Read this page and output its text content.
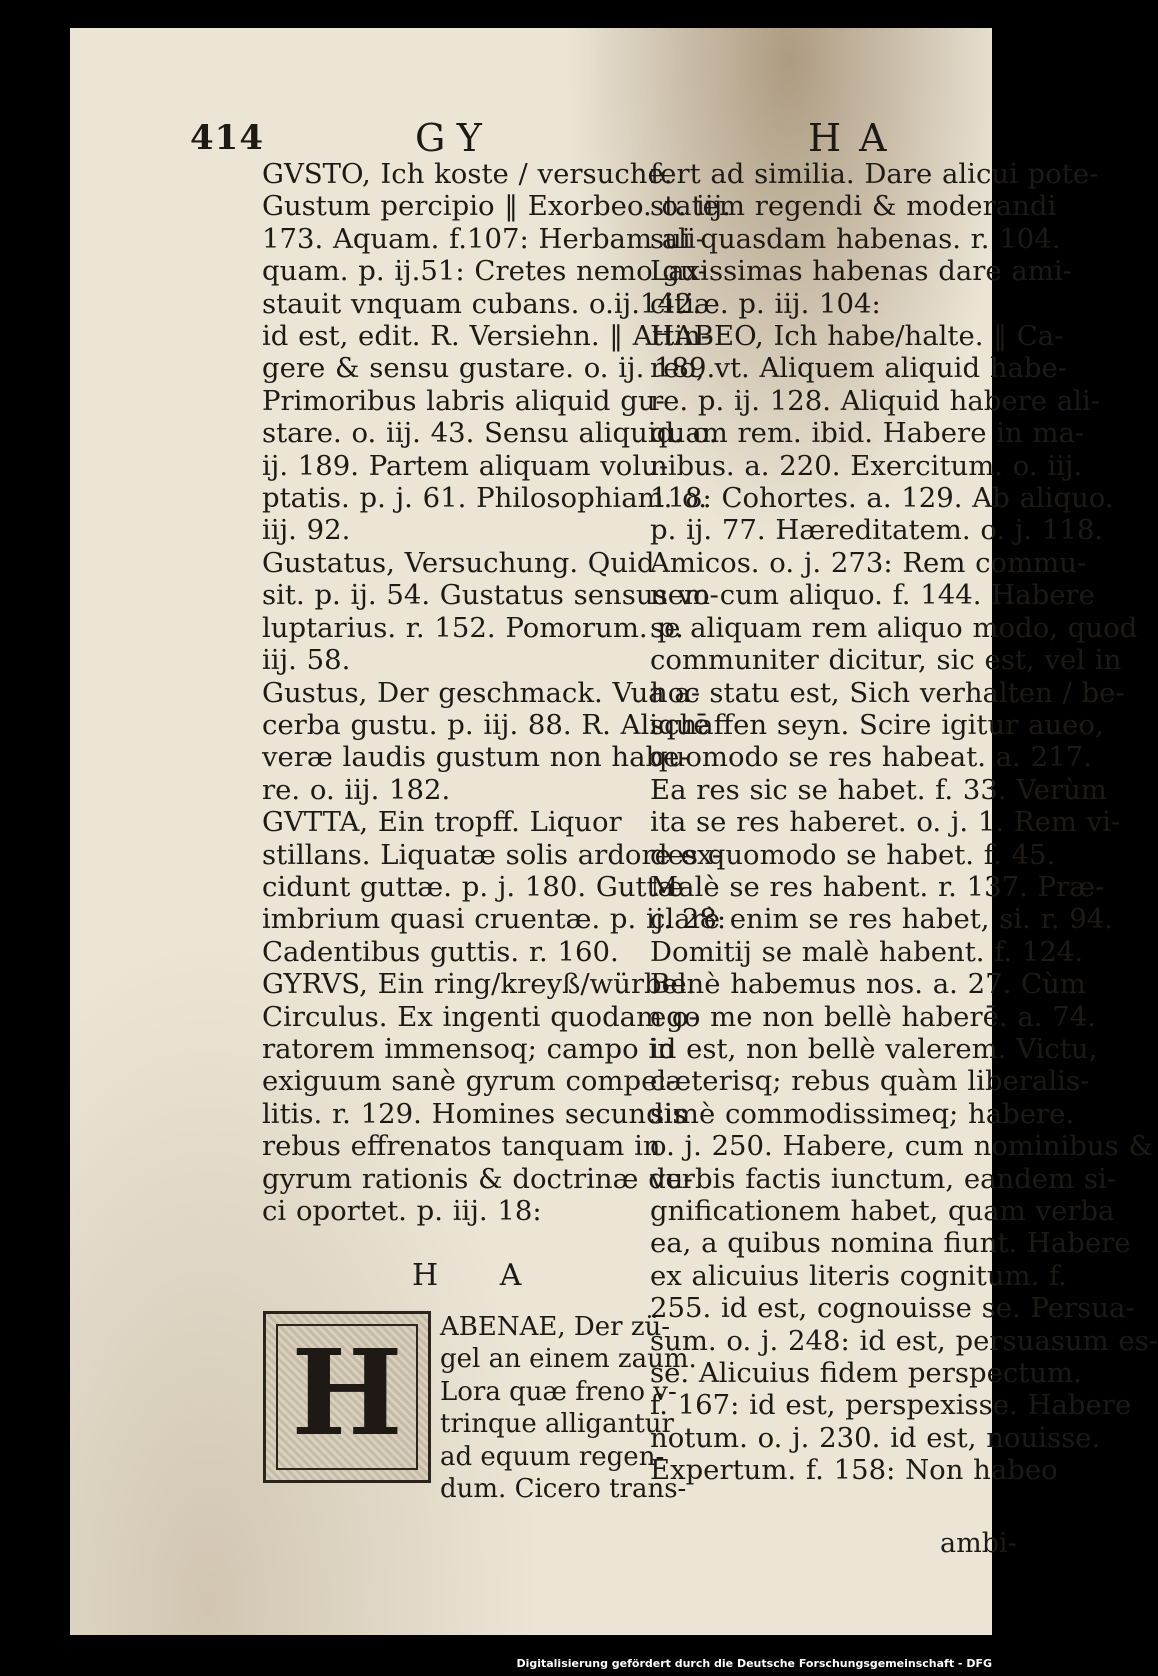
414	GY	HA
GVSTO, Ich koste / versuche.
Gustum percipio ‖ Exorbeo. o. iij.
173. Aquam. f.107: Herbam ali-
quam. p. ij.51: Cretes nemo gu-
stauit vnquam cubans. o.ij.142.
id est, edit. R. Versiehn. ‖ Attin-
gere & sensu gustare. o. ij. 189.
Primoribus labris aliquid gu-
stare. o. iij. 43. Sensu aliquid. o.
ij. 189. Partem aliquam volu-
ptatis. p. j. 61. Philosophiam. o.
iij. 92.
Gustatus, Versuchung. Quid
sit. p. ij. 54. Gustatus sensus vo-
luptarius. r. 152. Pomorum. p.
iij. 58.
Gustus, Der geschmack. Vua a-
cerba gustu. p. iij. 88. R. Aliquē
veræ laudis gustum non habe-
re. o. iij. 182.
GVTTA, Ein tropff. Liquor
stillans. Liquatæ solis ardore ex-
cidunt guttæ. p. j. 180. Guttæ
imbrium quasi cruentæ. p. ij. 28:
Cadentibus guttis. r. 160.
GYRVS, Ein ring/kreyß/würbel.
Circulus. Ex ingenti quodam o-
ratorem immensoq; campo in
exiguum sanè gyrum compel-
litis. r. 129. Homines secundis
rebus effrenatos tanquam in
gyrum rationis & doctrinæ du-
ci oportet. p. iij. 18:
fert ad similia. Dare alicui pote-
statem regendi & moderandi
sui quasdam habenas. r. 104.
Laxissimas habenas dare ami-
citiæ. p. iij. 104:
HABEO, Ich habe/halte. ‖ Ca-
reo, vt. Aliquem aliquid habe-
re. p. ij. 128. Aliquid habere ali-
quam rem. ibid. Habere in ma-
nibus. a. 220. Exercitum. o. iij.
118: Cohortes. a. 129. Ab aliquo.
p. ij. 77. Hæreditatem. o. j. 118.
Amicos. o. j. 273: Rem commu-
nem cum aliquo. f. 144. Habere
se aliquam rem aliquo modo, quod
communiter dicitur, sic est, vel in
hoc statu est, Sich verhalten / be-
schaffen seyn. Scire igitur aueo,
quomodo se res habeat. a. 217.
Ea res sic se habet. f. 33. Verùm
ita se res haberet. o. j. 1. Rem vi-
des quomodo se habet. f. 45.
Malè se res habent. r. 137. Præ-
clarè enim se res habet, si. r. 94.
Domitij se malè habent. f. 124.
Benè habemus nos. a. 27. Cùm
ego me non bellè haberē. a. 74.
id est, non bellè valerem. Victu,
cæterisq; rebus quàm liberalis-
simè commodissimeq; habere.
o. j. 250. Habere, cum nominibus &
verbis factis iunctum, eandem si-
gnificationem habet, quam verba
ea, a quibus nomina fiunt. Habere
ex alicuius literis cognitum. f.
255. id est, cognouisse se. Persua-
sum. o. j. 248: id est, persuasum es-
se. Alicuius fidem perspectum.
f. 167: id est, perspexisse. Habere
notum. o. j. 230. id est, nouisse.
Expertum. f. 158: Non habeo
H A
H	ABENAE, Der zü-
gel an einem zaum.
Lora quæ freno v-
trinque alligantur
ad equum regen-
dum. Cicero trans-
ambi-
Digitalisierung gefördert durch die Deutsche Forschungsgemeinschaft - DFG
